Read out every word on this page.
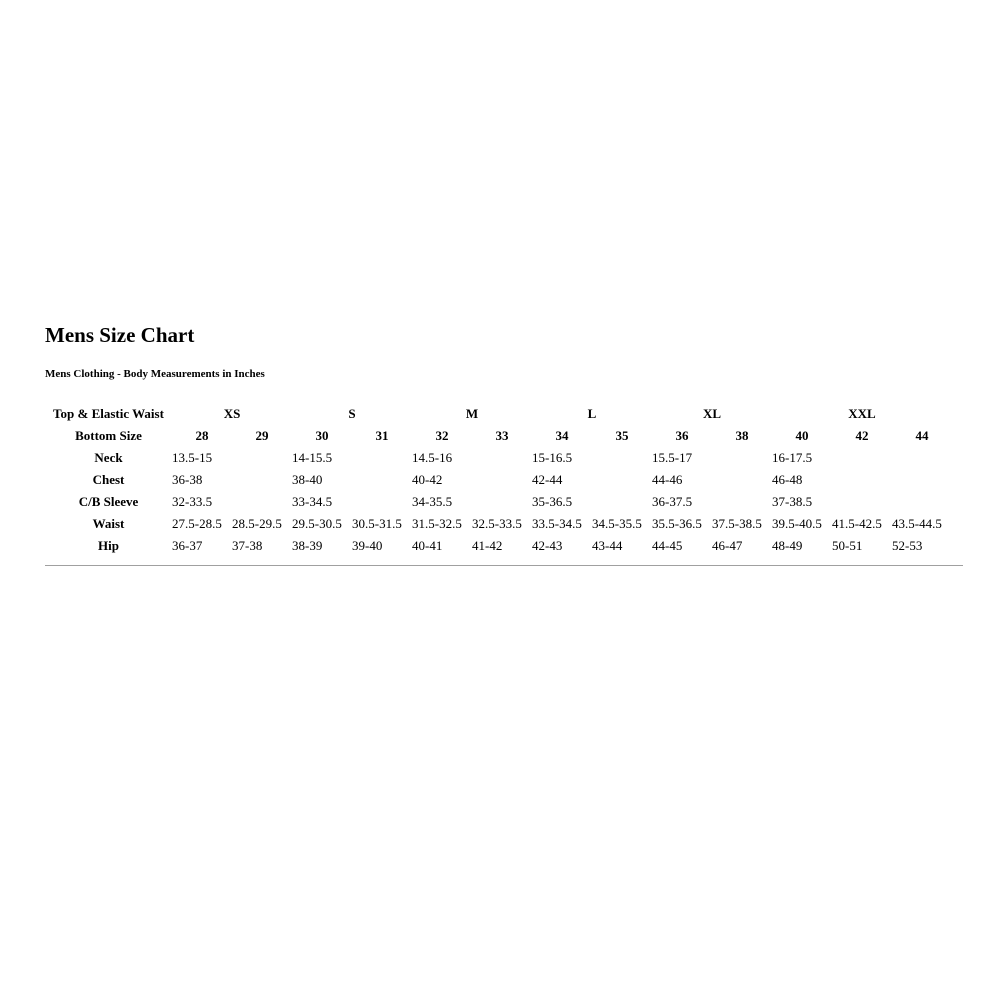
Mens Size Chart

Mens Clothing - Body Measurements in Inches

Top & Elastic Waist	XS		S		M		L		XL		XXL		
Bottom Size	28	29	30	31	32	33	34	35	36	38	40	42	44
Neck	13.5-15		14-15.5		14.5-16		15-16.5		15.5-17		16-17.5		
Chest	36-38		38-40		40-42		42-44		44-46		46-48		
C/B Sleeve	32-33.5		33-34.5		34-35.5		35-36.5		36-37.5		37-38.5		
Waist	27.5-28.5	28.5-29.5	29.5-30.5	30.5-31.5	31.5-32.5	32.5-33.5	33.5-34.5	34.5-35.5	35.5-36.5	37.5-38.5	39.5-40.5	41.5-42.5	43.5-44.5
Hip	36-37	37-38	38-39	39-40	40-41	41-42	42-43	43-44	44-45	46-47	48-49	50-51	52-53
